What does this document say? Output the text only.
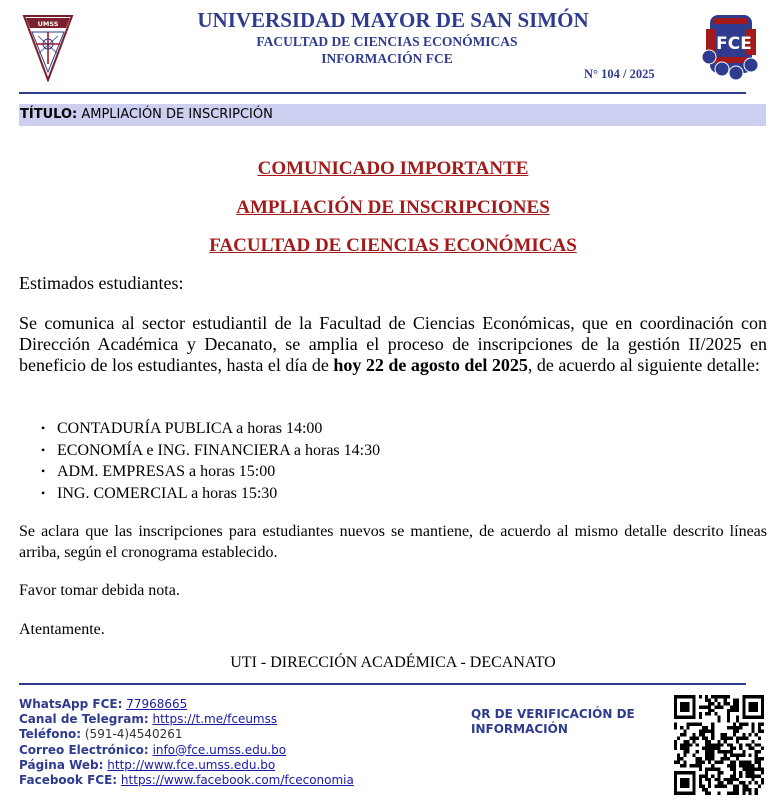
UMSS	UNIVERSIDAD MAYOR DE SAN SIMÓN
FACULTAD DE CIENCIAS ECONÓMICAS
INFORMACIÓN FCE
N° 104 / 2025
FCE
TÍTULO: AMPLIACIÓN DE INSCRIPCIÓN
COMUNICADO IMPORTANTE
AMPLIACIÓN DE INSCRIPCIONES
FACULTAD DE CIENCIAS ECONÓMICAS
Estimados estudiantes:
Se comunica al sector estudiantil de la Facultad de Ciencias Económicas, que en coordinación con Dirección Académica y Decanato, se amplia el proceso de inscripciones de la gestión II/2025 en beneficio de los estudiantes, hasta el día de hoy 22 de agosto del 2025, de acuerdo al siguiente detalle:
• CONTADURÍA PUBLICA a horas 14:00
• ECONOMÍA e ING. FINANCIERA a horas 14:30
• ADM. EMPRESAS a horas 15:00
• ING. COMERCIAL a horas 15:30
Se aclara que las inscripciones para estudiantes nuevos se mantiene, de acuerdo al mismo detalle descrito líneas arriba, según el cronograma establecido.
Favor tomar debida nota.
Atentamente.
UTI - DIRECCIÓN ACADÉMICA - DECANATO
WhatsApp FCE: 77968665
Canal de Telegram: https://t.me/fceumss
Teléfono: (591-4)4540261
Correo Electrónico: info@fce.umss.edu.bo
Página Web: http://www.fce.umss.edu.bo
Facebook FCE: https://www.facebook.com/fceconomia
QR DE VERIFICACIÓN DE INFORMACIÓN
